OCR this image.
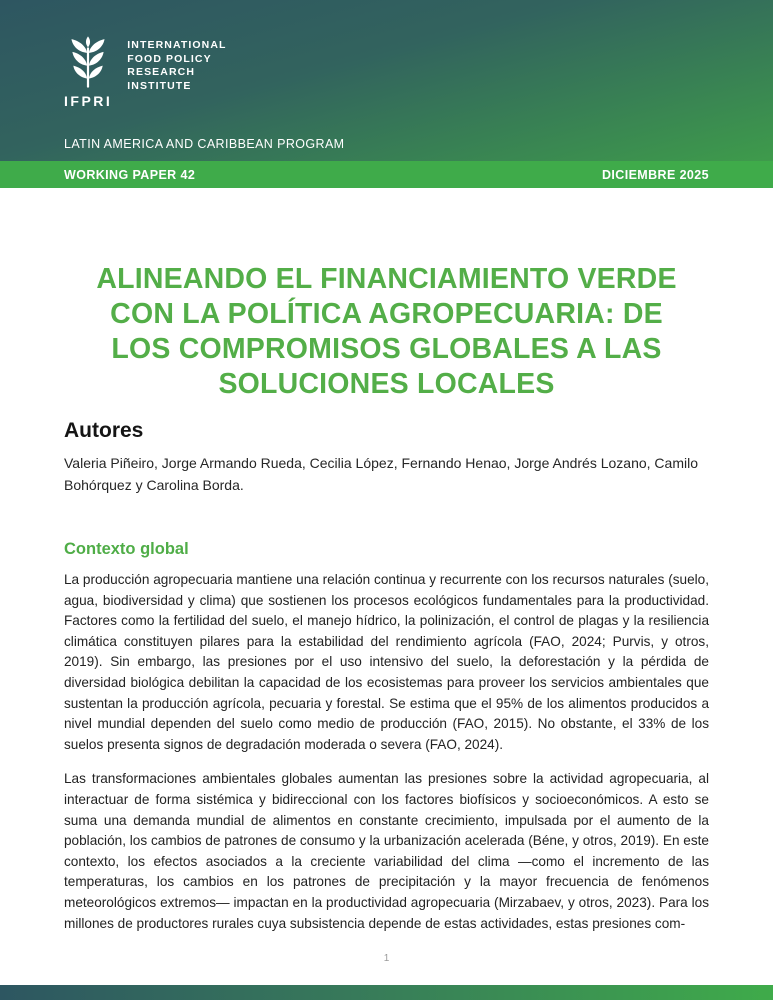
IFPRI
INTERNATIONAL
FOOD POLICY
RESEARCH
INSTITUTE
LATIN AMERICA AND CARIBBEAN PROGRAM
WORKING PAPER 42	DICIEMBRE 2025
ALINEANDO EL FINANCIAMIENTO VERDE
CON LA POLÍTICA AGROPECUARIA: DE
LOS COMPROMISOS GLOBALES A LAS
SOLUCIONES LOCALES
Autores

Valeria Piñeiro, Jorge Armando Rueda, Cecilia López, Fernando Henao, Jorge Andrés Lozano, Camilo Bohórquez y Carolina Borda.

Contexto global

La producción agropecuaria mantiene una relación continua y recurrente con los recursos naturales (suelo, agua, biodiversidad y clima) que sostienen los procesos ecológicos fundamentales para la productividad. Factores como la fertilidad del suelo, el manejo hídrico, la polinización, el control de plagas y la resiliencia climática constituyen pilares para la estabilidad del rendimiento agrícola (FAO, 2024; Purvis, y otros, 2019). Sin embargo, las presiones por el uso intensivo del suelo, la deforestación y la pérdida de diversidad biológica debilitan la capacidad de los ecosistemas para proveer los servicios ambientales que sustentan la producción agrícola, pecuaria y forestal. Se estima que el 95% de los alimentos producidos a nivel mundial dependen del suelo como medio de producción (FAO, 2015). No obstante, el 33% de los suelos presenta signos de degradación moderada o severa (FAO, 2024).

Las transformaciones ambientales globales aumentan las presiones sobre la actividad agropecuaria, al interactuar de forma sistémica y bidireccional con los factores biofísicos y socioeconómicos. A esto se suma una demanda mundial de alimentos en constante crecimiento, impulsada por el aumento de la población, los cambios de patrones de consumo y la urbanización acelerada (Béne, y otros, 2019). En este contexto, los efectos asociados a la creciente variabilidad del clima —como el incremento de las temperaturas, los cambios en los patrones de precipitación y la mayor frecuencia de fenómenos meteorológicos extremos— impactan en la productividad agropecuaria (Mirzabaev, y otros, 2023). Para los millones de productores rurales cuya subsistencia depende de estas actividades, estas presiones com-

1
